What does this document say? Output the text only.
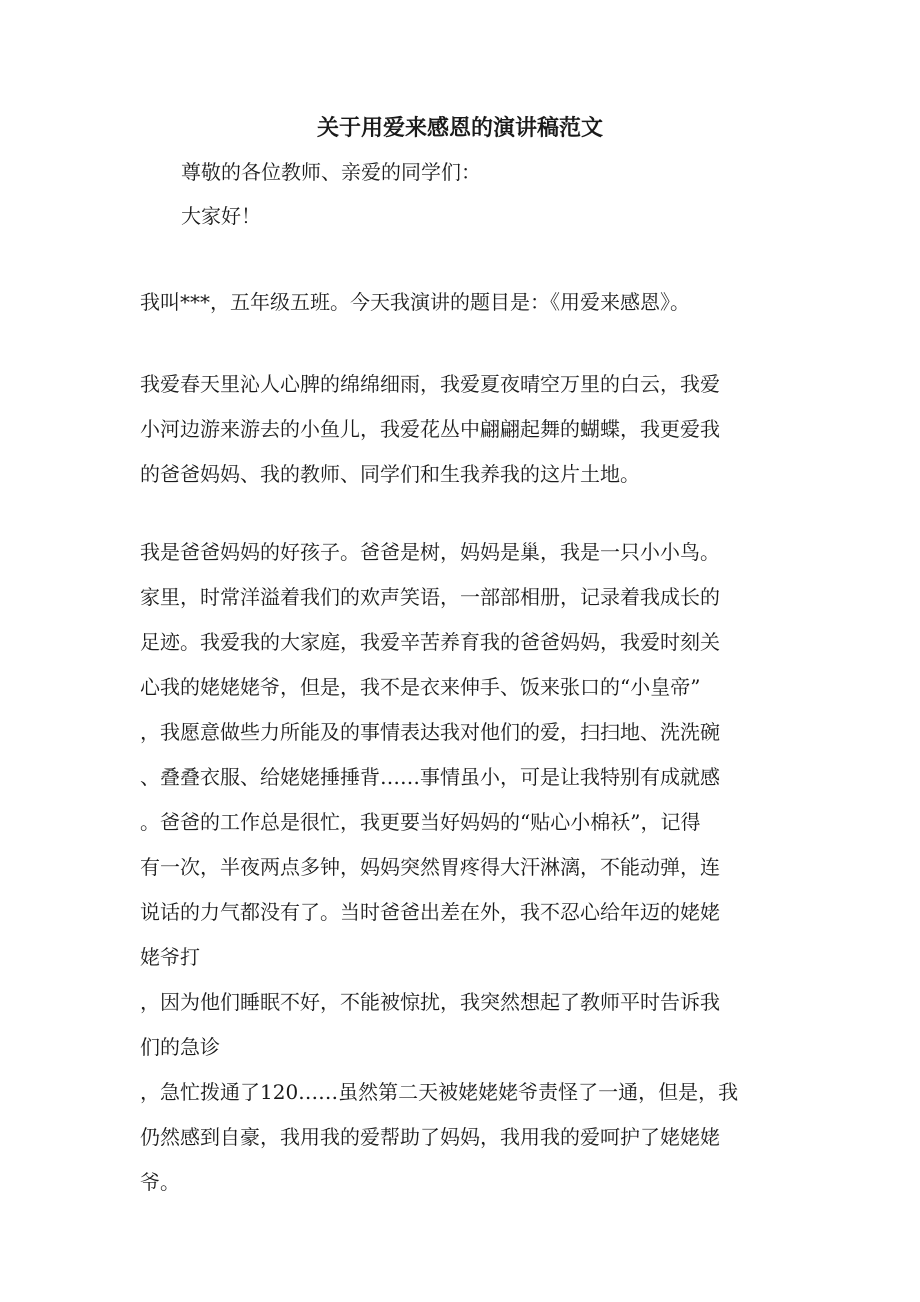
关于用爱来感恩的演讲稿范文

尊敬的各位教师、亲爱的同学们：

大家好！

我叫***，五年级五班。今天我演讲的题目是：《用爱来感恩》。
我爱春天里沁人心脾的绵绵细雨，我爱夏夜晴空万里的白云，我爱
小河边游来游去的小鱼儿，我爱花丛中翩翩起舞的蝴蝶，我更爱我
的爸爸妈妈、我的教师、同学们和生我养我的这片土地。
我是爸爸妈妈的好孩子。爸爸是树，妈妈是巢，我是一只小小鸟。
家里，时常洋溢着我们的欢声笑语，一部部相册，记录着我成长的
足迹。我爱我的大家庭，我爱辛苦养育我的爸爸妈妈，我爱时刻关
心我的姥姥姥爷，但是，我不是衣来伸手、饭来张口的“小皇帝”
，我愿意做些力所能及的事情表达我对他们的爱，扫扫地、洗洗碗
、叠叠衣服、给姥姥捶捶背……事情虽小，可是让我特别有成就感
。爸爸的工作总是很忙，我更要当好妈妈的“贴心小棉袄”，记得
有一次，半夜两点多钟，妈妈突然胃疼得大汗淋漓，不能动弹，连
说话的力气都没有了。当时爸爸出差在外，我不忍心给年迈的姥姥
姥爷打
，因为他们睡眠不好，不能被惊扰，我突然想起了教师平时告诉我
们的急诊
，急忙拨通了120……虽然第二天被姥姥姥爷责怪了一通，但是，我
仍然感到自豪，我用我的爱帮助了妈妈，我用我的爱呵护了姥姥姥
爷。
